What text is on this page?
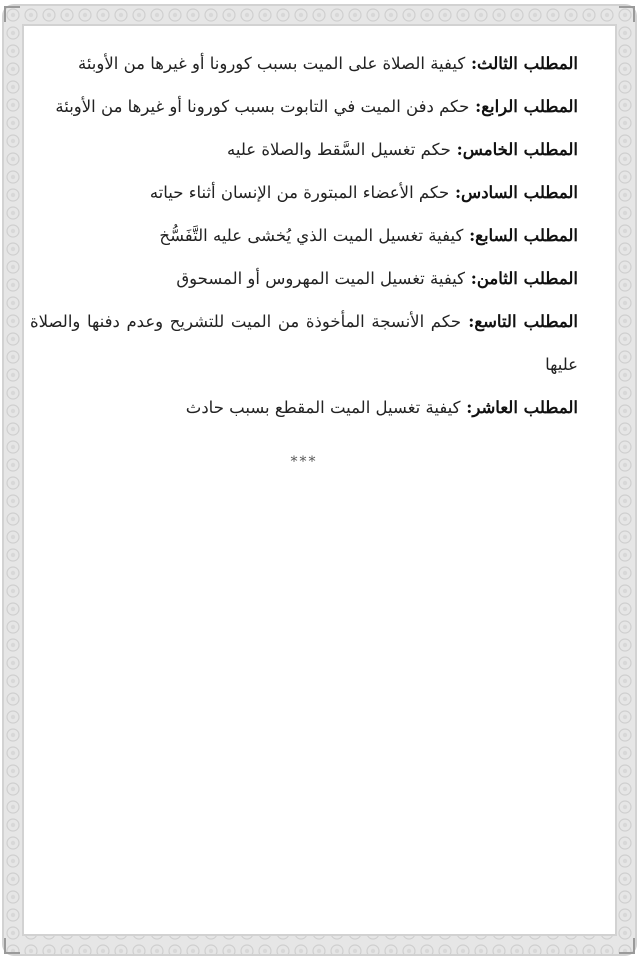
المطلب الثالث: كيفية الصلاة على الميت بسبب كورونا أو غيرها من الأوبئة

المطلب الرابع: حكم دفن الميت في التابوت بسبب كورونا أو غيرها من الأوبئة

المطلب الخامس: حكم تغسيل السَّقط والصلاة عليه

المطلب السادس: حكم الأعضاء المبتورة من الإنسان أثناء حياته

المطلب السابع: كيفية تغسيل الميت الذي يُخشى عليه التَّفَسُّخ

المطلب الثامن: كيفية تغسيل الميت المهروس أو المسحوق

المطلب التاسع: حكم الأنسجة المأخوذة من الميت للتشريح وعدم دفنها والصلاة عليها

المطلب العاشر: كيفية تغسيل الميت المقطع بسبب حادث

***
